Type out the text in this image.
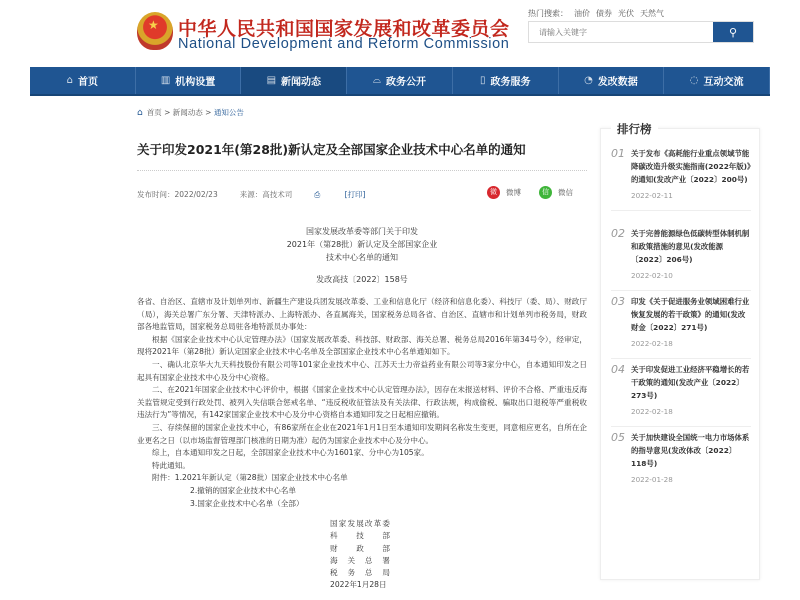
★
中华人民共和国国家发展和改革委员会
National Development and Reform Commission
热门搜索： 油价 债券 光伏 天然气
请输入关键字
⚲
⌂ 首页	▥ 机构设置	▤ 新闻动态	⌓ 政务公开	▯ 政务服务	◔ 发改数据	◌ 互动交流
⌂ 首页 > 新闻动态 > 通知公告
关于印发2021年(第28批)新认定及全部国家企业技术中心名单的通知
发布时间：2022/02/23	来源：高技术司	⎙	[打印]	微	微博	信	微信
国家发展改革委等部门关于印发
2021年（第28批）新认定及全部国家企业
技术中心名单的通知
发改高技〔2022〕158号

各省、自治区、直辖市及计划单列市、新疆生产建设兵团发展改革委、工业和信息化厅（经济和信息化委）、科技厅（委、局）、财政厅（局），海关总署广东分署、天津特派办、上海特派办、各直属海关，国家税务总局各省、自治区、直辖市和计划单列市税务局，财政部各地监管局，国家税务总局驻各地特派员办事处：

根据《国家企业技术中心认定管理办法》（国家发展改革委、科技部、财政部、海关总署、税务总局2016年第34号令），经审定，现将2021年（第28批）新认定国家企业技术中心名单及全部国家企业技术中心名单通知如下。

一、确认北京华大九天科技股份有限公司等101家企业技术中心、江苏天士力帝益药业有限公司等3家分中心，自本通知印发之日起具有国家企业技术中心及分中心资格。

二、在2021年国家企业技术中心评价中，根据《国家企业技术中心认定管理办法》，因存在未报送材料、评价不合格、严重违反海关监管规定受到行政处罚、被列入失信联合惩戒名单、“违反税收征管法及有关法律、行政法规，构成偷税、骗取出口退税等严重税收违法行为”等情况，有142家国家企业技术中心及分中心资格自本通知印发之日起相应撤销。

三、存续保留的国家企业技术中心，有86家所在企业在2021年1月1日至本通知印发期间名称发生变更，同意相应更名，自所在企业更名之日（以市场监督管理部门核准的日期为准）起仍为国家企业技术中心及分中心。

综上，自本通知印发之日起，全部国家企业技术中心为1601家、分中心为105家。

特此通知。

附件：1.2021年新认定（第28批）国家企业技术中心名单
2.撤销的国家企业技术中心名单
3.国家企业技术中心名单（全部）
国家发展改革委
科　技　部
财　政　部
海 关 总 署
税 务 总 局
2022年1月28日
排行榜
01 关于发布《高耗能行业重点领域节能降碳改造升级实施指南(2022年版)》的通知(发改产业〔2022〕200号)
2022-02-11
02 关于完善能源绿色低碳转型体制机制和政策措施的意见(发改能源〔2022〕206号)
2022-02-10
03 印发《关于促进服务业领域困难行业恢复发展的若干政策》的通知(发改财金〔2022〕271号)
2022-02-18
04 关于印发促进工业经济平稳增长的若干政策的通知(发改产业〔2022〕273号)
2022-02-18
05 关于加快建设全国统一电力市场体系的指导意见(发改体改〔2022〕118号)
2022-01-28
